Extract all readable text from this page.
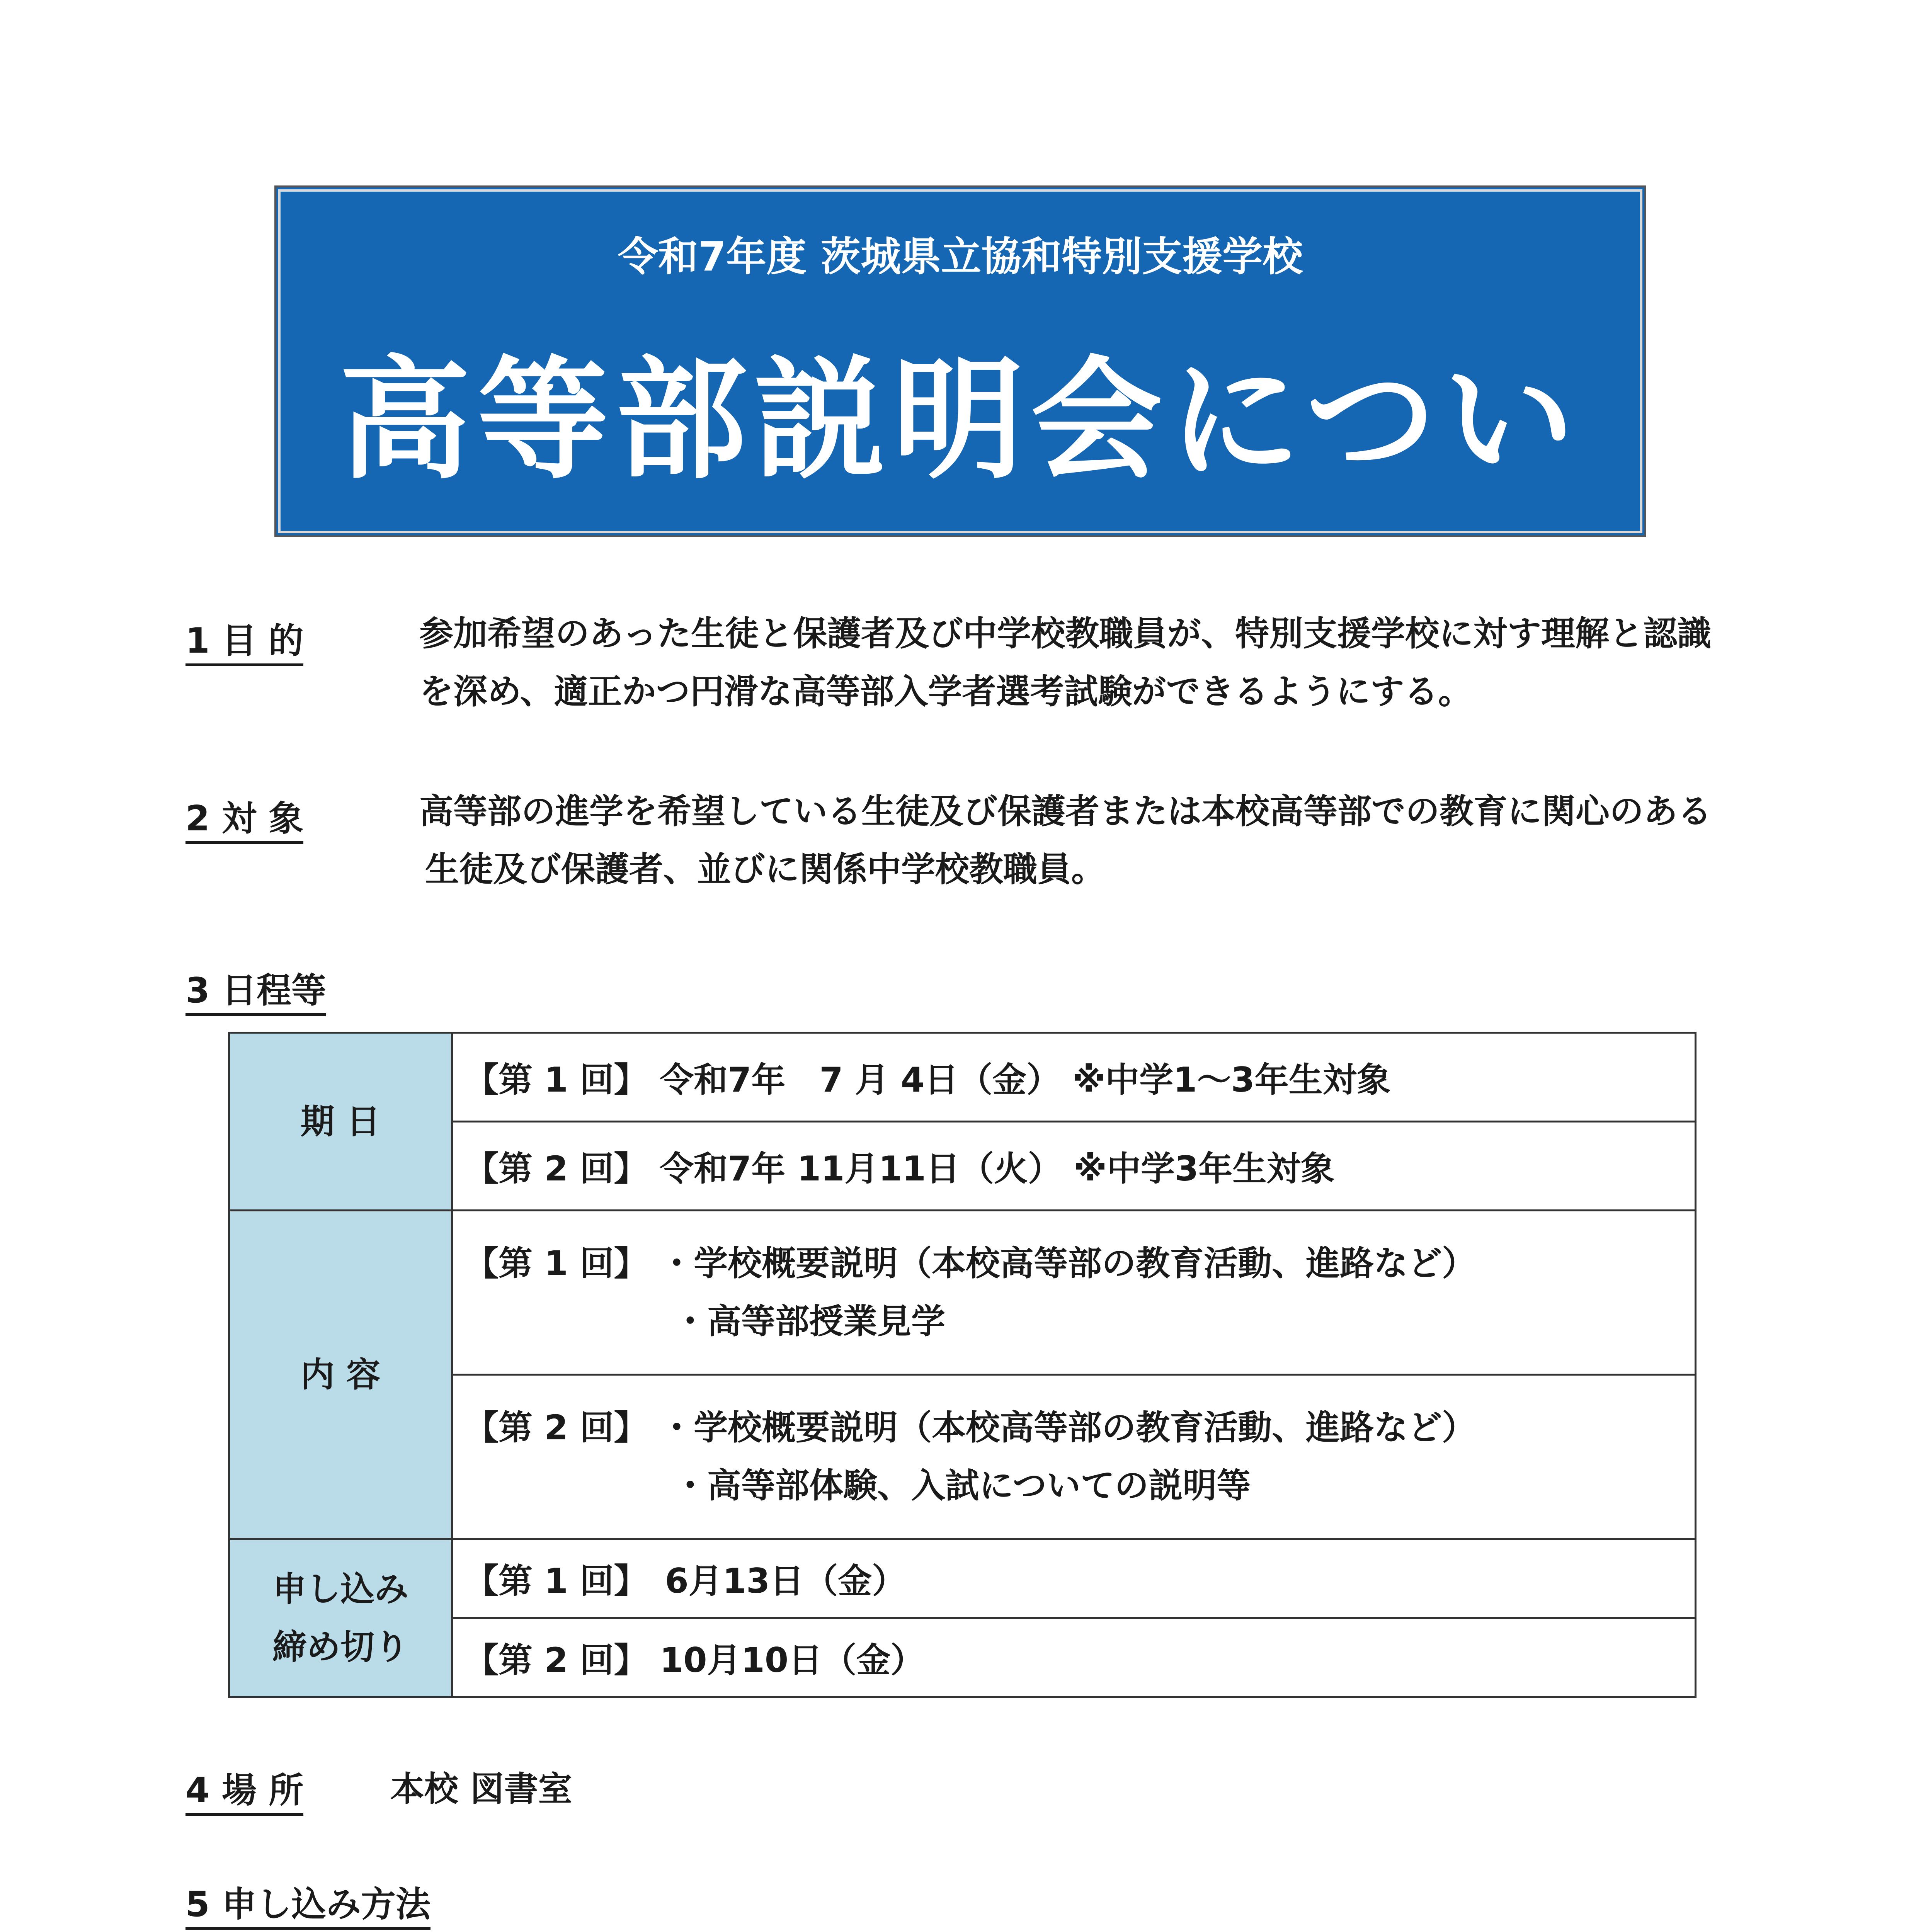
令和7年度 茨城県立協和特別支援学校
高等部説明会について
1 目 的	参加希望のあった生徒と保護者及び中学校教職員が、特別支援学校に対す理解と認識
を深め、適正かつ円滑な高等部入学者選考試験ができるようにする。
2 対 象	高等部の進学を希望している生徒及び保護者または本校高等部での教育に関心のある
生徒及び保護者、並びに関係中学校教職員。
3 日程等
期 日	【第 1 回】 令和7年　7 月 4日（金） ※中学1～3年生対象
	【第 2 回】 令和7年 11月11日（火） ※中学3年生対象
内 容	【第 1 回】 ・学校概要説明（本校高等部の教育活動、進路など）
・高等部授業見学

	【第 2 回】 ・学校概要説明（本校高等部の教育活動、進路など）
・高等部体験、入試についての説明等

申し込み
締め切り	【第 1 回】　6月13日（金）
	【第 2 回】 10月10日（金）
4 場 所	本校 図書室
5 申し込み方法
